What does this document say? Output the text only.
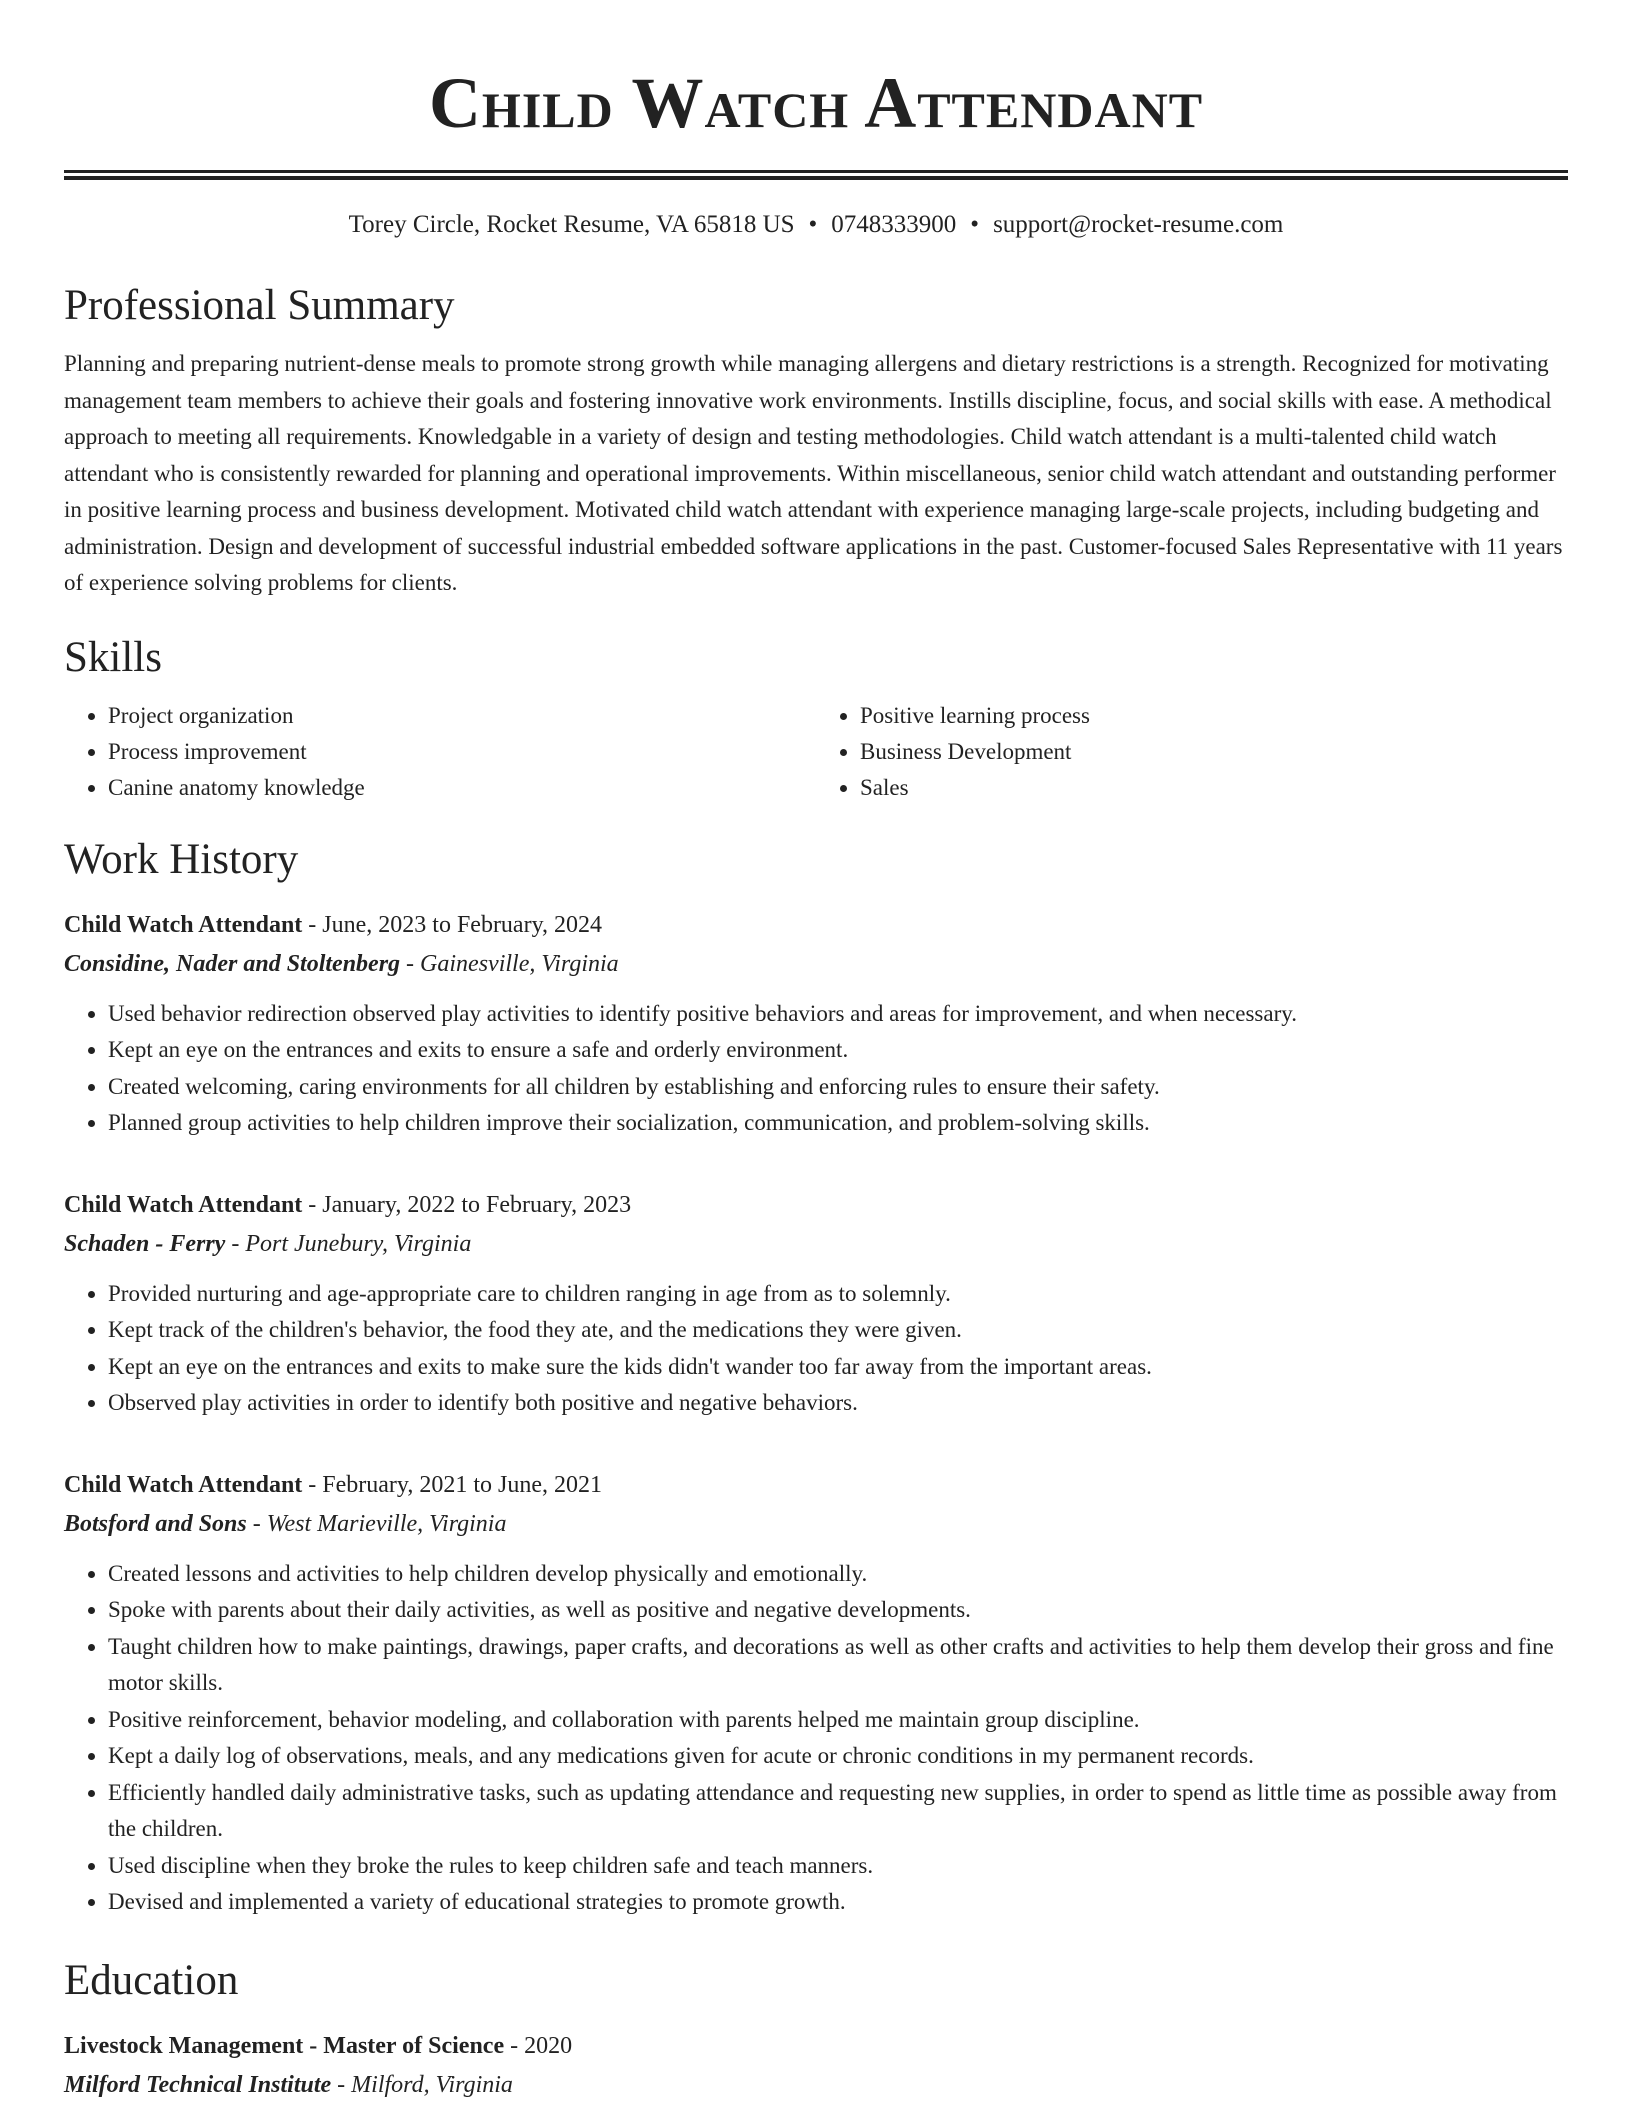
Child Watch Attendant
Torey Circle, Rocket Resume, VA 65818 US • 0748333900 • support@rocket-resume.com
Professional Summary

Planning and preparing nutrient-dense meals to promote strong growth while managing allergens and dietary restrictions is a strength. Recognized for motivating management team members to achieve their goals and fostering innovative work environments. Instills discipline, focus, and social skills with ease. A methodical approach to meeting all requirements. Knowledgable in a variety of design and testing methodologies. Child watch attendant is a multi-talented child watch attendant who is consistently rewarded for planning and operational improvements. Within miscellaneous, senior child watch attendant and outstanding performer in positive learning process and business development. Motivated child watch attendant with experience managing large-scale projects, including budgeting and administration. Design and development of successful industrial embedded software applications in the past. Customer-focused Sales Representative with 11 years of experience solving problems for clients.

Skills
• Project organization
• Process improvement
• Canine anatomy knowledge
• Positive learning process
• Business Development
• Sales
Work History
Child Watch Attendant - June, 2023 to February, 2024
Considine, Nader and Stoltenberg - Gainesville, Virginia
• Used behavior redirection observed play activities to identify positive behaviors and areas for improvement, and when necessary.
• Kept an eye on the entrances and exits to ensure a safe and orderly environment.
• Created welcoming, caring environments for all children by establishing and enforcing rules to ensure their safety.
• Planned group activities to help children improve their socialization, communication, and problem-solving skills.
Child Watch Attendant - January, 2022 to February, 2023
Schaden - Ferry - Port Junebury, Virginia
• Provided nurturing and age-appropriate care to children ranging in age from as to solemnly.
• Kept track of the children's behavior, the food they ate, and the medications they were given.
• Kept an eye on the entrances and exits to make sure the kids didn't wander too far away from the important areas.
• Observed play activities in order to identify both positive and negative behaviors.
Child Watch Attendant - February, 2021 to June, 2021
Botsford and Sons - West Marieville, Virginia
• Created lessons and activities to help children develop physically and emotionally.
• Spoke with parents about their daily activities, as well as positive and negative developments.
• Taught children how to make paintings, drawings, paper crafts, and decorations as well as other crafts and activities to help them develop their gross and fine motor skills.
• Positive reinforcement, behavior modeling, and collaboration with parents helped me maintain group discipline.
• Kept a daily log of observations, meals, and any medications given for acute or chronic conditions in my permanent records.
• Efficiently handled daily administrative tasks, such as updating attendance and requesting new supplies, in order to spend as little time as possible away from the children.
• Used discipline when they broke the rules to keep children safe and teach manners.
• Devised and implemented a variety of educational strategies to promote growth.
Education
Livestock Management - Master of Science - 2020
Milford Technical Institute - Milford, Virginia
